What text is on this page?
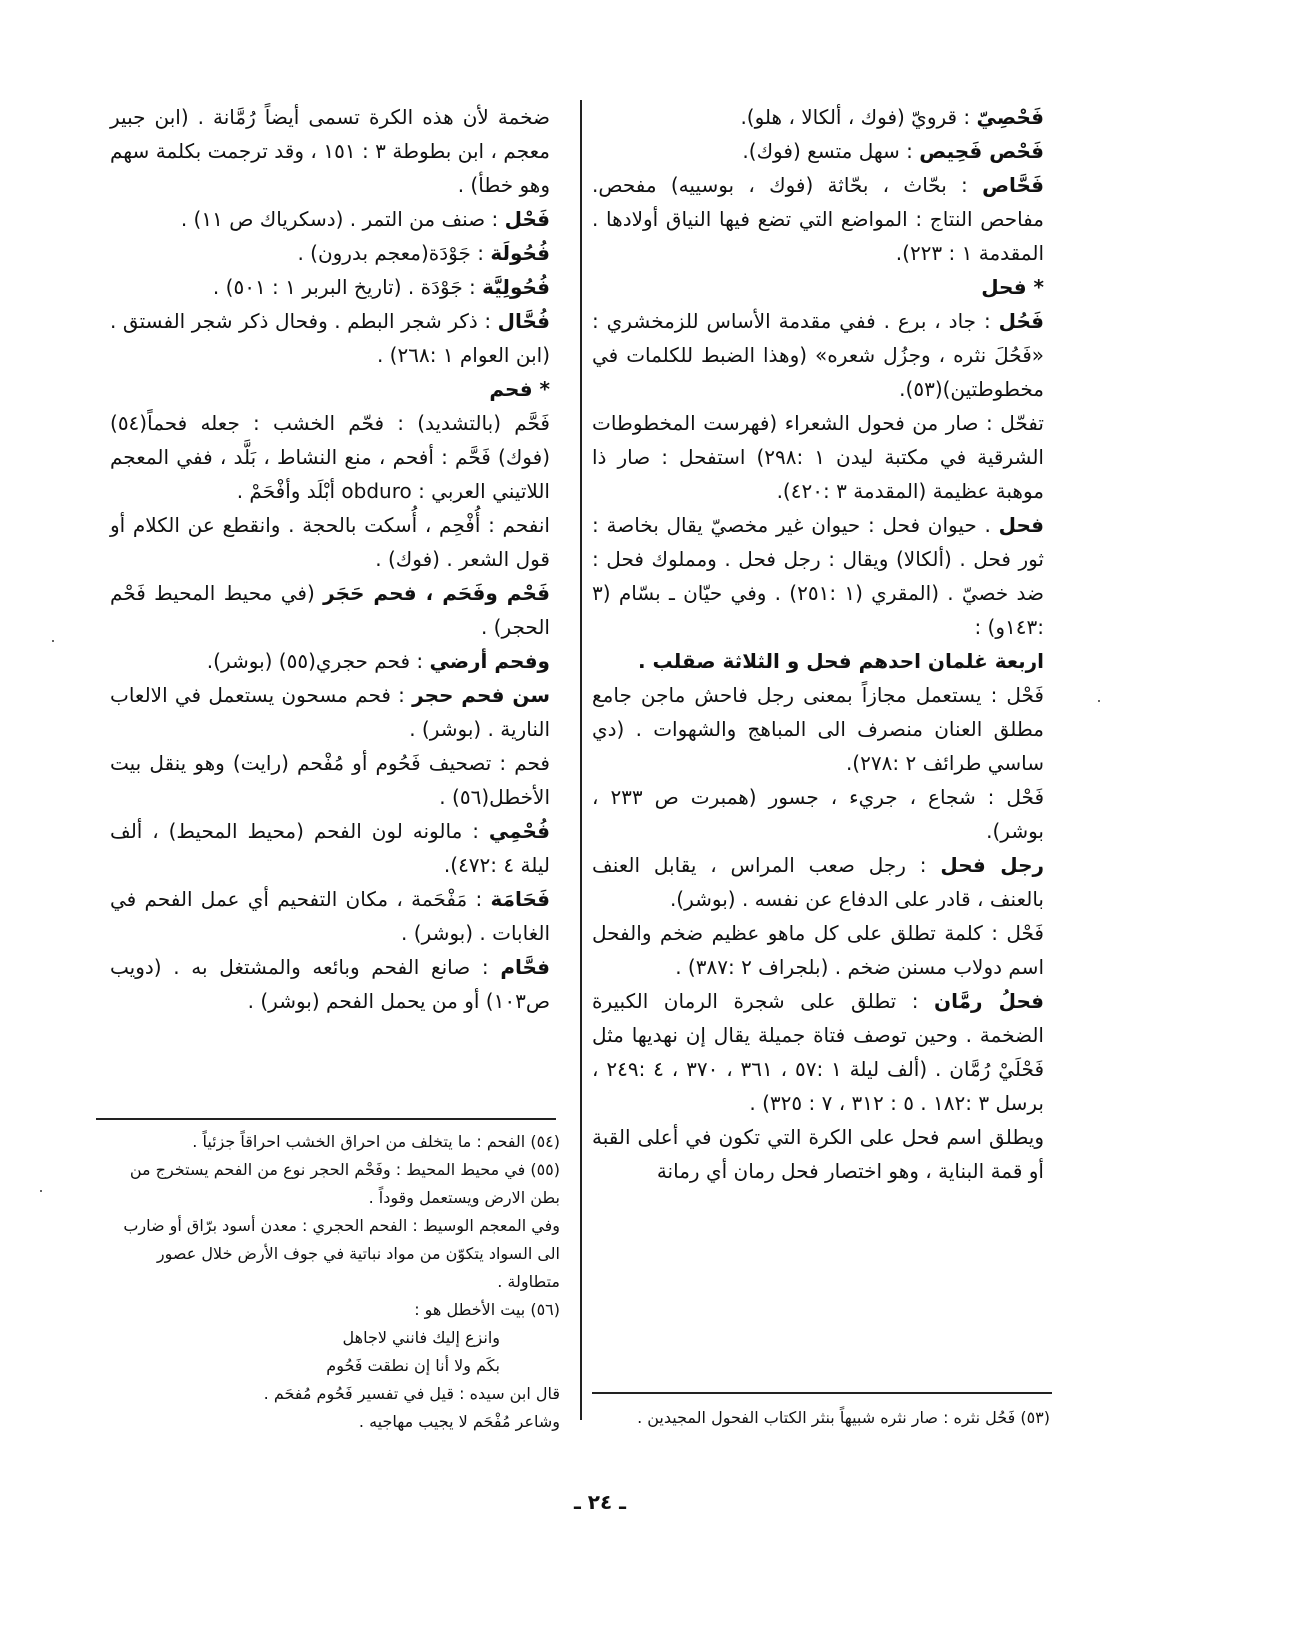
فَحْصِيّ : قرويّ (فوك ، ألكالا ، هلو).

فَحْص فَحِيص : سهل متسع (فوك).

فَحَّاص : بحّاث ، بحّاثة (فوك ، بوسييه) مفحص. مفاحص النتاج : المواضع التي تضع فيها النياق أولادها . المقدمة ١ : ٢٢٣).

* فحل

فَحُل : جاد ، برع . ففي مقدمة الأساس للزمخشري : «فَحُلَ نثره ، وجزُل شعره» (وهذا الضبط للكلمات في مخطوطتين)(٥٣).

تفحّل : صار من فحول الشعراء (فهرست المخطوطات الشرقية في مكتبة ليدن ١ :٢٩٨) استفحل : صار ذا موهبة عظيمة (المقدمة ٣ :٤٢٠).

فحل . حيوان فحل : حيوان غير مخصيّ يقال بخاصة : ثور فحل . (ألكالا) ويقال : رجل فحل . ومملوك فحل : ضد خصيّ . (المقري (١ :٢٥١) . وفي حيّان ـ بسّام (٣ :١٤٣و) :

اربعة غلمان احدهم فحل و الثلاثة صقلب .

فَحْل : يستعمل مجازاً بمعنى رجل فاحش ماجن جامع مطلق العنان منصرف الى المباهج والشهوات . (دي ساسي طرائف ٢ :٢٧٨).

فَحْل : شجاع ، جريء ، جسور (همبرت ص ٢٣٣ ، بوشر).

رجل فحل : رجل صعب المراس ، يقابل العنف بالعنف ، قادر على الدفاع عن نفسه . (بوشر).

فَحْل : كلمة تطلق على كل ماهو عظيم ضخم والفحل اسم دولاب مسنن ضخم . (بلجراف ٢ :٣٨٧) .

فحلُ رمَّان : تطلق على شجرة الرمان الكبيرة الضخمة . وحين توصف فتاة جميلة يقال إن نهديها مثل فَحْلَيْ رُمَّان . (ألف ليلة ١ :٥٧ ، ٣٦١ ، ٣٧٠ ، ٤ :٢٤٩ ، برسل ٣ :١٨٢ . ٥ : ٣١٢ ، ٧ : ٣٢٥) .

ويطلق اسم فحل على الكرة التي تكون في أعلى القبة أو قمة البناية ، وهو اختصار فحل رمان أي رمانة

ضخمة لأن هذه الكرة تسمى أيضاً رُمَّانة . (ابن جبير معجم ، ابن بطوطة ٣ : ١٥١ ، وقد ترجمت بكلمة سهم وهو خطأ) .

فَحْل : صنف من التمر . (دسكرياك ص ١١) .

فُحُولَة : جَوْدَة(معجم بدرون) .

فُحُولِيَّة : جَوْدَة . (تاريخ البربر ١ : ٥٠١) .

فُحَّال : ذكر شجر البطم . وفحال ذكر شجر الفستق . (ابن العوام ١ :٢٦٨) .

* فحم

فَحَّم (بالتشديد) : فحّم الخشب : جعله فحماً(٥٤) (فوك) فَحَّم : أفحم ، منع النشاط ، بَلَّد ، ففي المعجم اللاتيني العربي : obduro أبْلَد وأفْحَمْ .

انفحم : أُفْحِم ، أُسكت بالحجة . وانقطع عن الكلام أو قول الشعر . (فوك) .

فَحْم وفَحَم ، فحم حَجَر (في محيط المحيط فَحْم الحجر) .

وفحم أرضي : فحم حجري(٥٥) (بوشر).

سن فحم حجر : فحم مسحون يستعمل في الالعاب النارية . (بوشر) .

فحم : تصحيف فَحُوم أو مُفْحم (رايت) وهو ينقل بيت الأخطل(٥٦) .

فُحْمِي : مالونه لون الفحم (محيط المحيط) ، ألف ليلة ٤ :٤٧٢).

فَحَامَة : مَفْحَمة ، مكان التفحيم أي عمل الفحم في الغابات . (بوشر) .

فحَّام : صانع الفحم وبائعه والمشتغل به . (دويب ص١٠٣) أو من يحمل الفحم (بوشر) .

(٥٤) الفحم : ما يتخلف من احراق الخشب احراقاً جزئياً .

(٥٥) في محيط المحيط : وفَحْم الحجر نوع من الفحم يستخرج من بطن الارض ويستعمل وقوداً .

وفي المعجم الوسيط : الفحم الحجري : معدن أسود برّاق أو ضارب الى السواد يتكوّن من مواد نباتية في جوف الأرض خلال عصور متطاولة .

(٥٦) بيت الأخطل هو :

وانزع إليك فانني لاجاهل

بكَم ولا أنا إن نطقت فَحُوم

قال ابن سيده : قيل في تفسير فَحُوم مُفحَم .

وشاعر مُفْحَم لا يجيب مهاجيه .	(٥٣) فَحُل نثره : صار نثره شبيهاً بنثر الكتاب الفحول المجيدين .

ـ ٢٤ ـ
